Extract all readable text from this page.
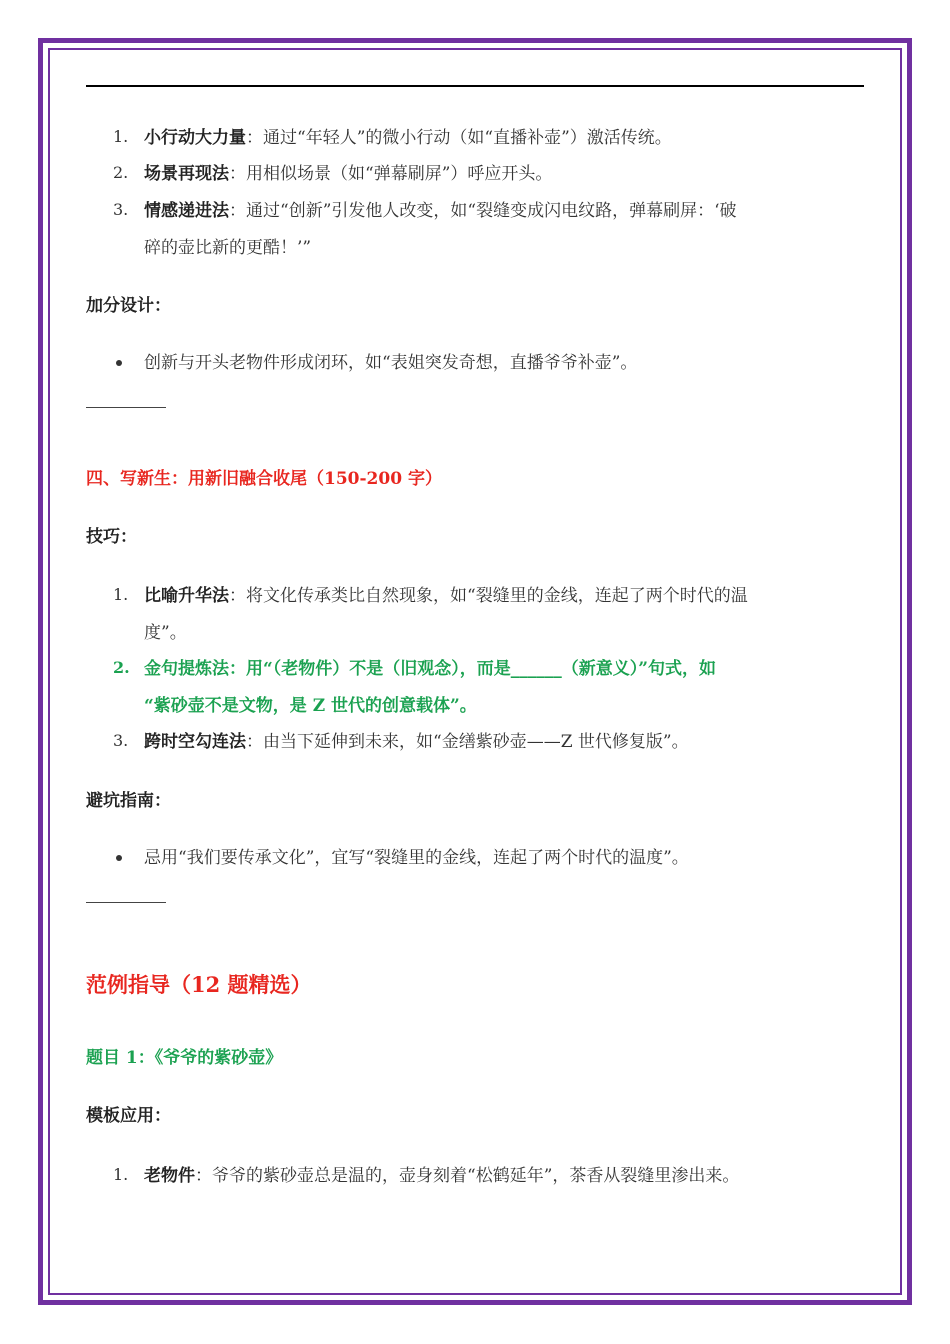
1. 小行动大力量：通过“年轻人”的微小行动（如“直播补壶”）激活传统。
2. 场景再现法：用相似场景（如“弹幕刷屏”）呼应开头。
3. 情感递进法：通过“创新”引发他人改变，如“裂缝变成闪电纹路，弹幕刷屏：‘破
碎的壶比新的更酷！’”
加分设计：
创新与开头老物件形成闭环，如“表姐突发奇想，直播爷爷补壶”。
四、写新生：用新旧融合收尾（150-200 字）
技巧：
1. 比喻升华法：将文化传承类比自然现象，如“裂缝里的金线，连起了两个时代的温
度”。
2. 金句提炼法：用“（老物件）不是（旧观念），而是______（新意义）”句式，如
“紫砂壶不是文物，是 Z 世代的创意载体”。
3. 跨时空勾连法：由当下延伸到未来，如“金缮紫砂壶——Z 世代修复版”。
避坑指南：
忌用“我们要传承文化”，宜写“裂缝里的金线，连起了两个时代的温度”。
范例指导（12 题精选）
题目 1：《爷爷的紫砂壶》
模板应用：
1. 老物件：爷爷的紫砂壶总是温的，壶身刻着“松鹤延年”，茶香从裂缝里渗出来。
